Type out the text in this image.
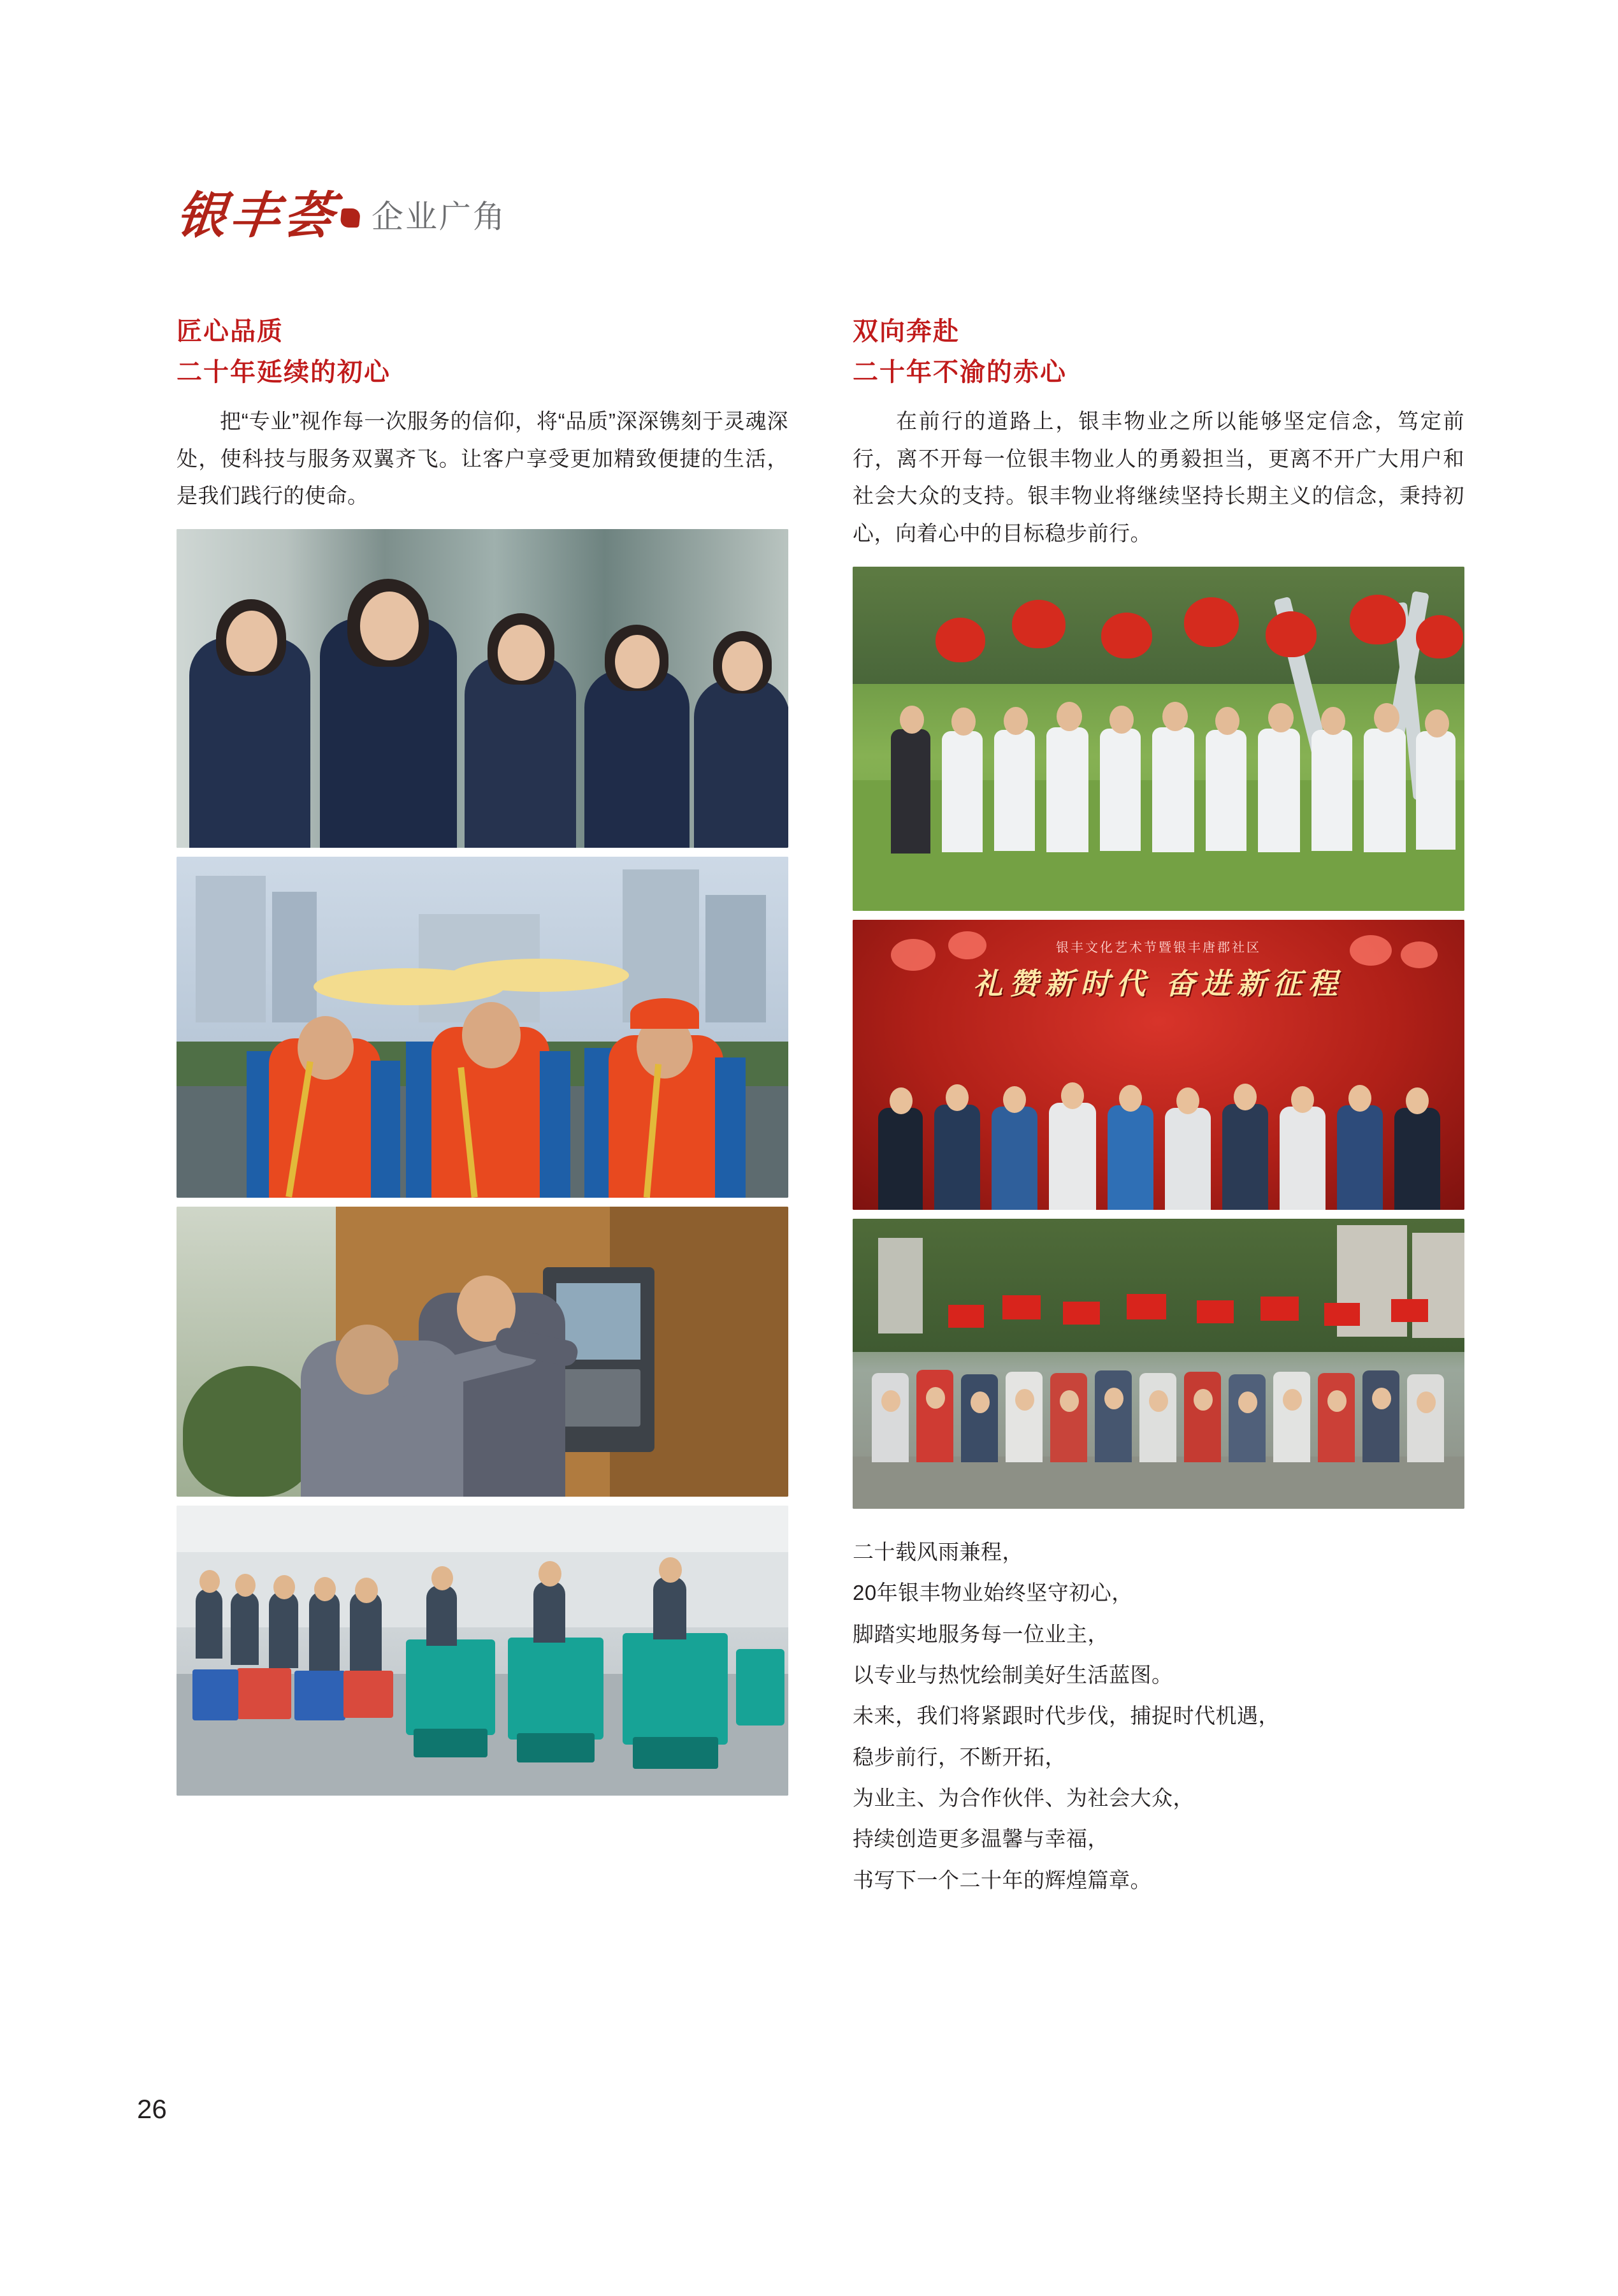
银丰荟 企业广角
匠心品质
二十年延续的初心

把“专业”视作每一次服务的信仰，将“品质”深深镌刻于灵魂深处，使科技与服务双翼齐飞。让客户享受更加精致便捷的生活，是我们践行的使命。

双向奔赴
二十年不渝的赤心

在前行的道路上，银丰物业之所以能够坚定信念，笃定前行，离不开每一位银丰物业人的勇毅担当，更离不开广大用户和社会大众的支持。银丰物业将继续坚持长期主义的信念，秉持初心，向着心中的目标稳步前行。

银丰文化艺术节暨银丰唐郡社区
礼赞新时代 奋进新征程
二十载风雨兼程，
20年银丰物业始终坚守初心，
脚踏实地服务每一位业主，
以专业与热忱绘制美好生活蓝图。
未来，我们将紧跟时代步伐，捕捉时代机遇，
稳步前行，不断开拓，
为业主、为合作伙伴、为社会大众，
持续创造更多温馨与幸福，
书写下一个二十年的辉煌篇章。
26
